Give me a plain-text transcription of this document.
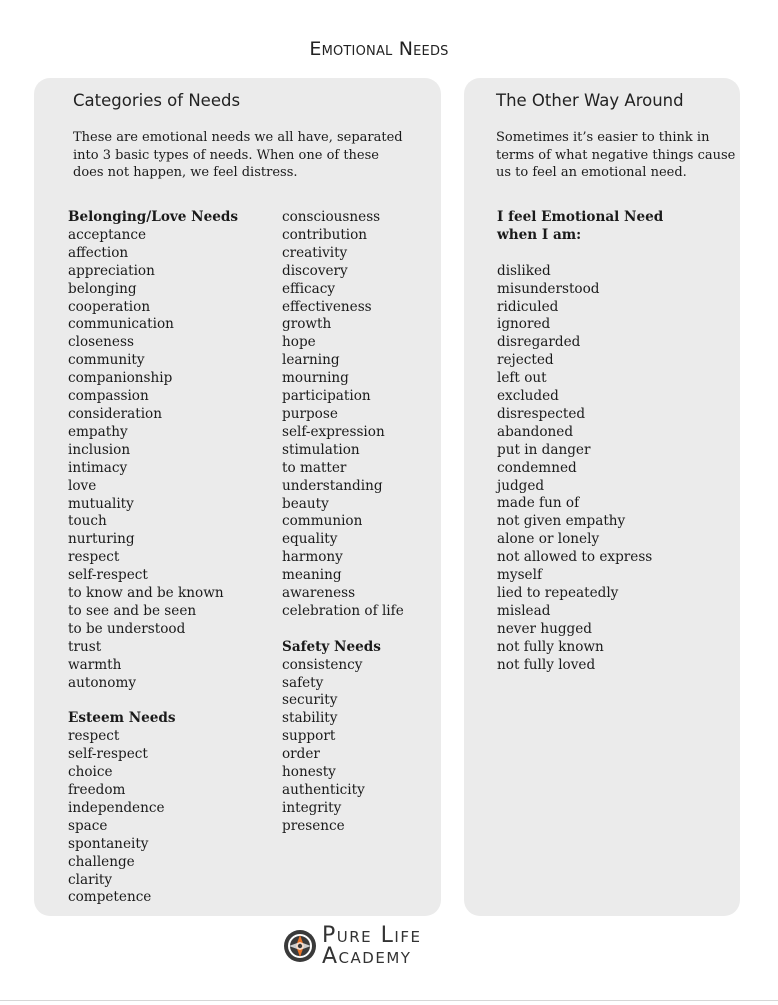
Emotional Needs
Categories of Needs

These are emotional needs we all have, separated into 3 basic types of needs. When one of these does not happen, we feel distress.

Belonging/Love Needs
acceptance
affection
appreciation
belonging
cooperation
communication
closeness
community
companionship
compassion
consideration
empathy
inclusion
intimacy
love
mutuality
touch
nurturing
respect
self-respect
to know and be known
to see and be seen
to be understood
trust
warmth
autonomy
Esteem Needs
respect
self-respect
choice
freedom
independence
space
spontaneity
challenge
clarity
competence
consciousness
contribution
creativity
discovery
efficacy
effectiveness
growth
hope
learning
mourning
participation
purpose
self-expression
stimulation
to matter
understanding
beauty
communion
equality
harmony
meaning
awareness
celebration of life
Safety Needs
consistency
safety
security
stability
support
order
honesty
authenticity
integrity
presence
The Other Way Around

Sometimes it’s easier to think in terms of what negative things cause us to feel an emotional need.

I feel Emotional Need
when I am:
disliked
misunderstood
ridiculed
ignored
disregarded
rejected
left out
excluded
disrespected
abandoned
put in danger
condemned
judged
made fun of
not given empathy
alone or lonely
not allowed to express
myself
lied to repeatedly
mislead
never hugged
not fully known
not fully loved
Pure Life
Academy
